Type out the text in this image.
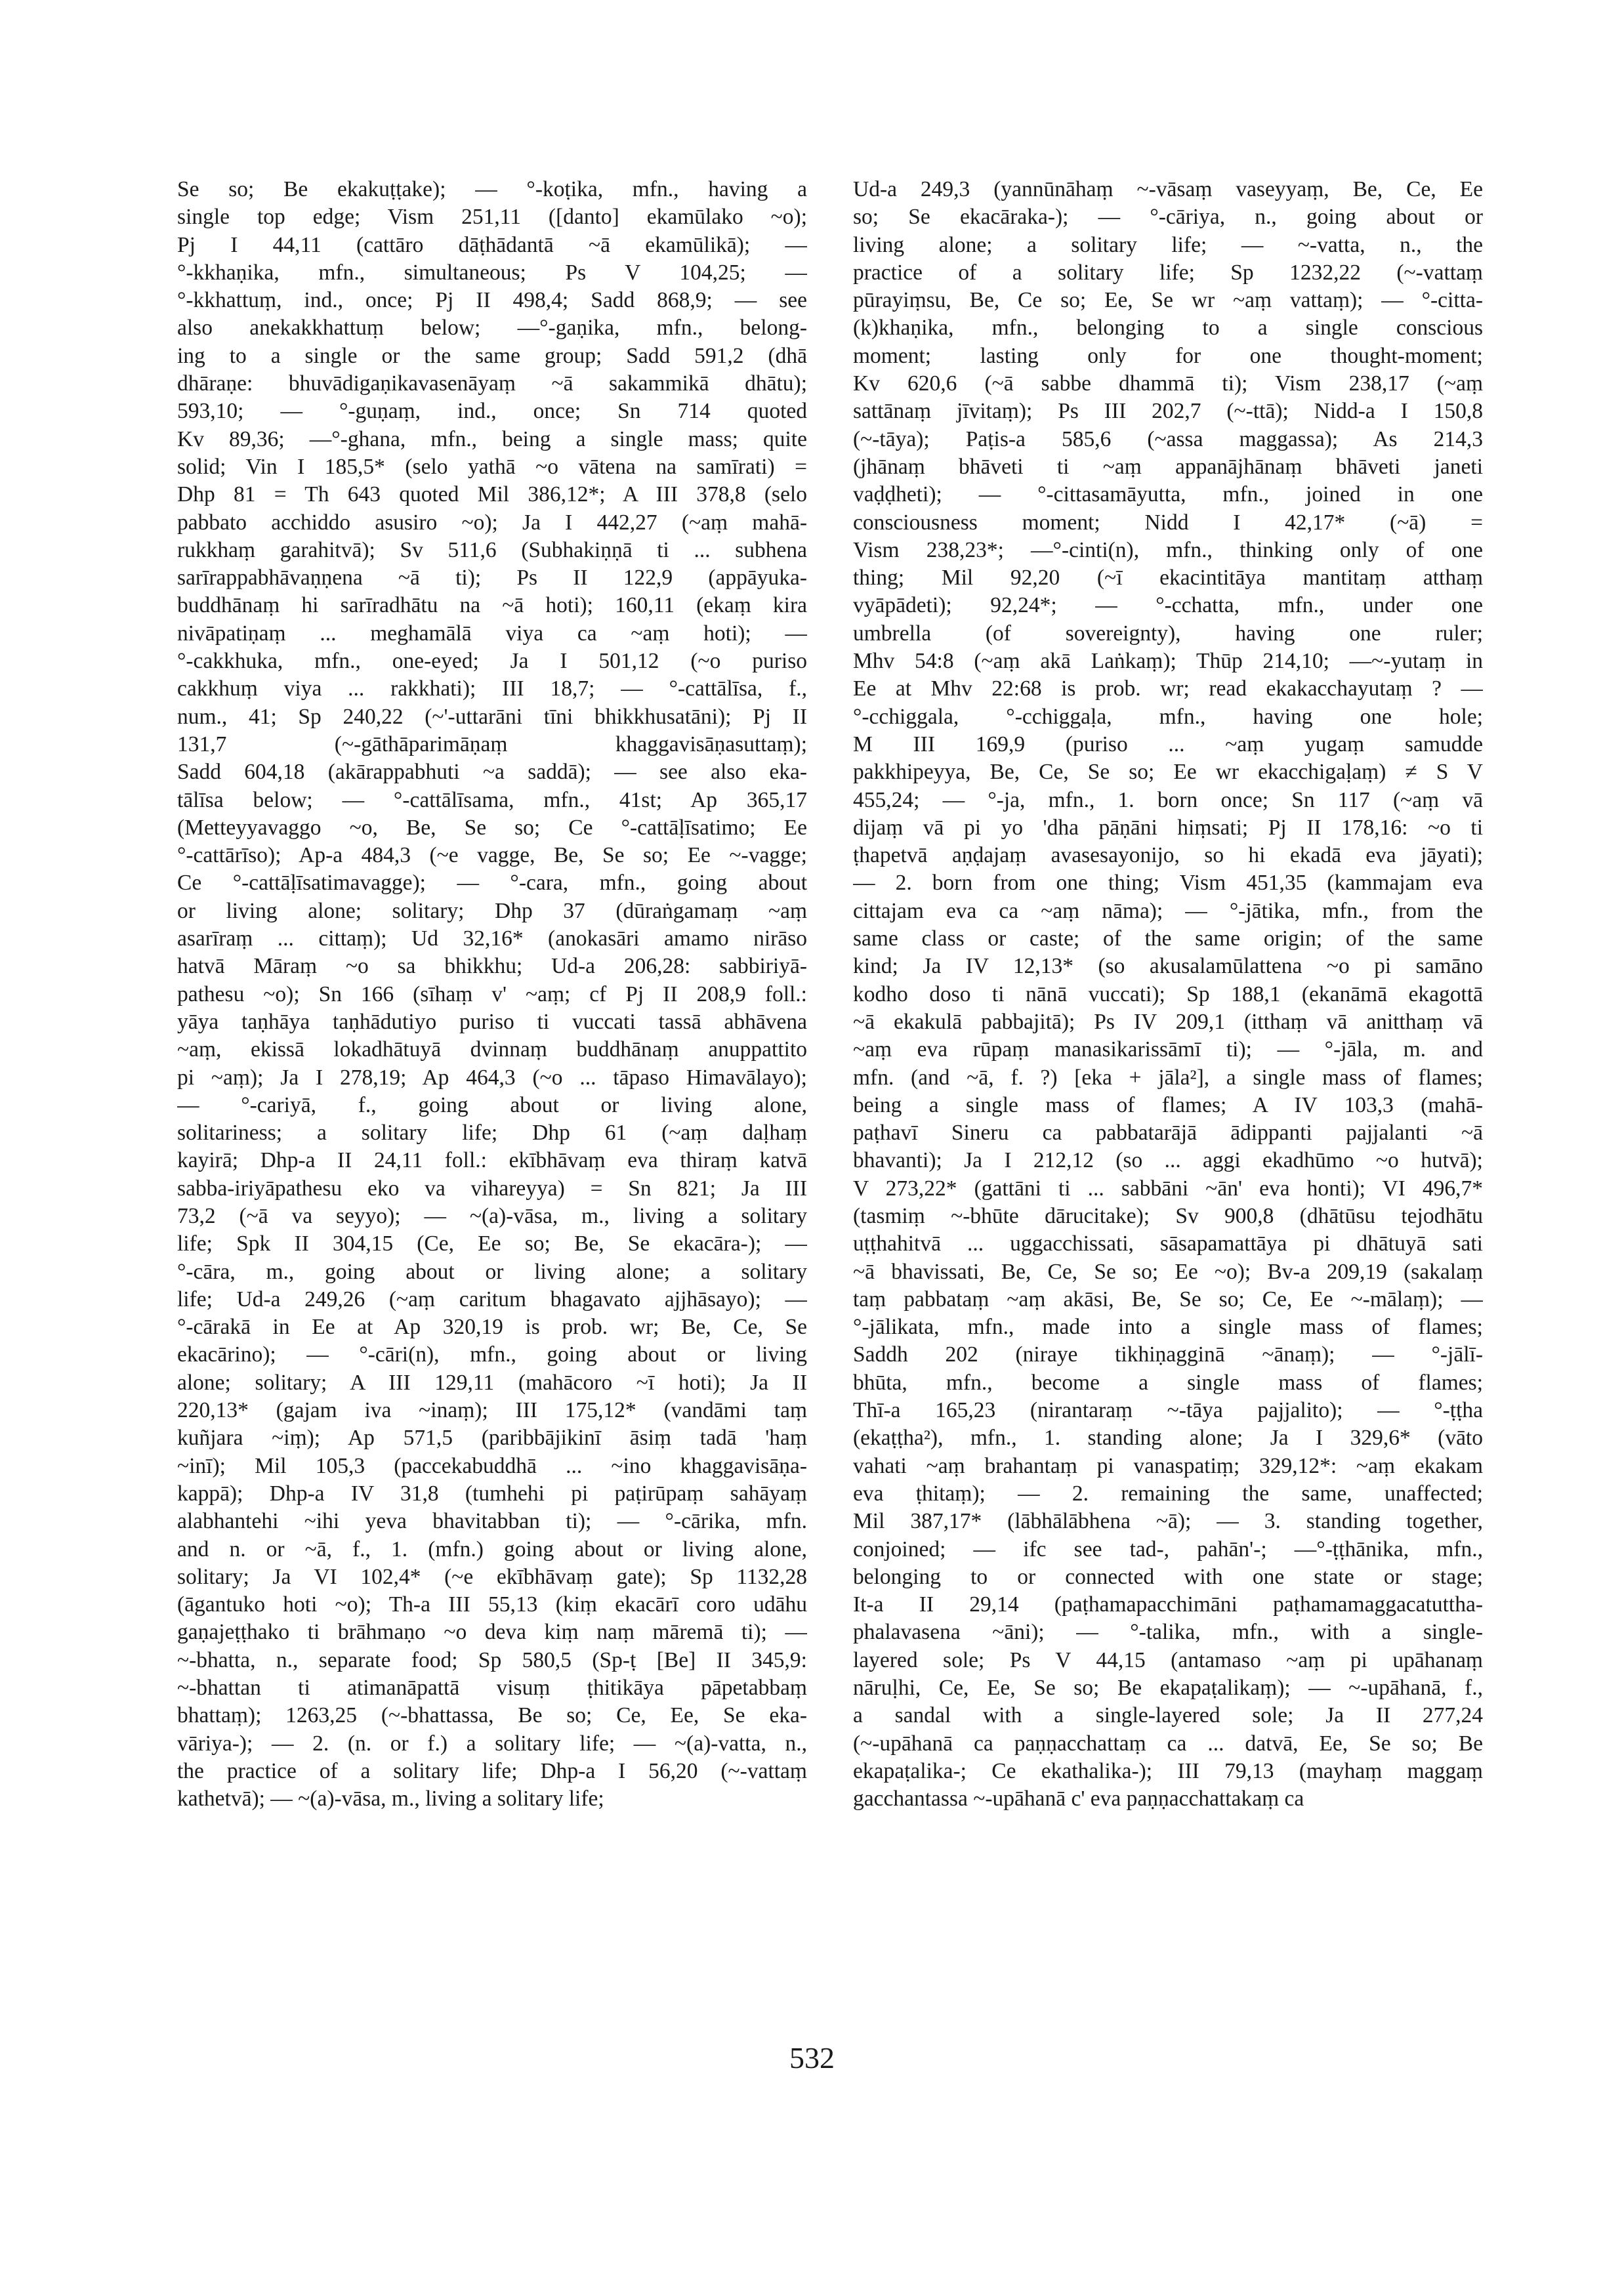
Se so; Be ekakuṭṭake); — °-koṭika, mfn., having a
single top edge; Vism 251,11 ([danto] ekamūlako ~o);
Pj I 44,11 (cattāro dāṭhādantā ~ā ekamūlikā); —
°-kkhaṇika, mfn., simultaneous; Ps V 104,25; —
°-kkhattuṃ, ind., once; Pj II 498,4; Sadd 868,9; — see
also anekakkhattuṃ below; —°-gaṇika, mfn., belong-
ing to a single or the same group; Sadd 591,2 (dhā
dhāraṇe: bhuvādigaṇikavasenāyaṃ ~ā sakammikā dhātu);
593,10; — °-guṇaṃ, ind., once; Sn 714 quoted
Kv 89,36; —°-ghana, mfn., being a single mass; quite
solid; Vin I 185,5* (selo yathā ~o vātena na samīrati) =
Dhp 81 = Th 643 quoted Mil 386,12*; A III 378,8 (selo
pabbato acchiddo asusiro ~o); Ja I 442,27 (~aṃ mahā-
rukkhaṃ garahitvā); Sv 511,6 (Subhakiṇṇā ti ... subhena
sarīrappabhāvaṇṇena ~ā ti); Ps II 122,9 (appāyuka-
buddhānaṃ hi sarīradhātu na ~ā hoti); 160,11 (ekaṃ kira
nivāpatiṇaṃ ... meghamālā viya ca ~aṃ hoti); —
°-cakkhuka, mfn., one-eyed; Ja I 501,12 (~o puriso
cakkhuṃ viya ... rakkhati); III 18,7; — °-cattālīsa, f.,
num., 41; Sp 240,22 (~'-uttarāni tīni bhikkhusatāni); Pj II
131,7 (~-gāthāparimāṇaṃ khaggavisāṇasuttaṃ);
Sadd 604,18 (akārappabhuti ~a saddā); — see also eka-
tālīsa below; — °-cattālīsama, mfn., 41st; Ap 365,17
(Metteyyavaggo ~o, Be, Se so; Ce °-cattāḷīsatimo; Ee
°-cattārīso); Ap-a 484,3 (~e vagge, Be, Se so; Ee ~-vagge;
Ce °-cattāḷīsatimavagge); — °-cara, mfn., going about
or living alone; solitary; Dhp 37 (dūraṅgamaṃ ~aṃ
asarīraṃ ... cittaṃ); Ud 32,16* (anokasāri amamo nirāso
hatvā Māraṃ ~o sa bhikkhu; Ud-a 206,28: sabbiriyā-
pathesu ~o); Sn 166 (sīhaṃ v' ~aṃ; cf Pj II 208,9 foll.:
yāya taṇhāya taṇhādutiyo puriso ti vuccati tassā abhāvena
~aṃ, ekissā lokadhātuyā dvinnaṃ buddhānaṃ anuppattito
pi ~aṃ); Ja I 278,19; Ap 464,3 (~o ... tāpaso Himavālayo);
— °-cariyā, f., going about or living alone,
solitariness; a solitary life; Dhp 61 (~aṃ daḷhaṃ
kayirā; Dhp-a II 24,11 foll.: ekībhāvaṃ eva thiraṃ katvā
sabba-iriyāpathesu eko va vihareyya) = Sn 821; Ja III
73,2 (~ā va seyyo); — ~(a)-vāsa, m., living a solitary
life; Spk II 304,15 (Ce, Ee so; Be, Se ekacāra-); —
°-cāra, m., going about or living alone; a solitary
life; Ud-a 249,26 (~aṃ caritum bhagavato ajjhāsayo); —
°-cārakā in Ee at Ap 320,19 is prob. wr; Be, Ce, Se
ekacārino); — °-cāri(n), mfn., going about or living
alone; solitary; A III 129,11 (mahācoro ~ī hoti); Ja II
220,13* (gajam iva ~inaṃ); III 175,12* (vandāmi taṃ
kuñjara ~iṃ); Ap 571,5 (paribbājikinī āsiṃ tadā 'haṃ
~inī); Mil 105,3 (paccekabuddhā ... ~ino khaggavisāṇa-
kappā); Dhp-a IV 31,8 (tumhehi pi paṭirūpaṃ sahāyaṃ
alabhantehi ~ihi yeva bhavitabban ti); — °-cārika, mfn.
and n. or ~ā, f., 1. (mfn.) going about or living alone,
solitary; Ja VI 102,4* (~e ekībhāvaṃ gate); Sp 1132,28
(āgantuko hoti ~o); Th-a III 55,13 (kiṃ ekacārī coro udāhu
gaṇajeṭṭhako ti brāhmaṇo ~o deva kiṃ naṃ māremā ti); —
~-bhatta, n., separate food; Sp 580,5 (Sp-ṭ [Be] II 345,9:
~-bhattan ti atimanāpattā visuṃ ṭhitikāya pāpetabbaṃ
bhattaṃ); 1263,25 (~-bhattassa, Be so; Ce, Ee, Se eka-
vāriya-); — 2. (n. or f.) a solitary life; — ~(a)-vatta, n.,
the practice of a solitary life; Dhp-a I 56,20 (~-vattaṃ
kathetvā); — ~(a)-vāsa, m., living a solitary life;
Ud-a 249,3 (yannūnāhaṃ ~-vāsaṃ vaseyyaṃ, Be, Ce, Ee
so; Se ekacāraka-); — °-cāriya, n., going about or
living alone; a solitary life; — ~-vatta, n., the
practice of a solitary life; Sp 1232,22 (~-vattaṃ
pūrayiṃsu, Be, Ce so; Ee, Se wr ~aṃ vattaṃ); — °-citta-
(k)khaṇika, mfn., belonging to a single conscious
moment; lasting only for one thought-moment;
Kv 620,6 (~ā sabbe dhammā ti); Vism 238,17 (~aṃ
sattānaṃ jīvitaṃ); Ps III 202,7 (~-ttā); Nidd-a I 150,8
(~-tāya); Paṭis-a 585,6 (~assa maggassa); As 214,3
(jhānaṃ bhāveti ti ~aṃ appanājhānaṃ bhāveti janeti
vaḍḍheti); — °-cittasamāyutta, mfn., joined in one
consciousness moment; Nidd I 42,17* (~ā) =
Vism 238,23*; —°-cinti(n), mfn., thinking only of one
thing; Mil 92,20 (~ī ekacintitāya mantitaṃ atthaṃ
vyāpādeti); 92,24*; — °-cchatta, mfn., under one
umbrella (of sovereignty), having one ruler;
Mhv 54:8 (~aṃ akā Laṅkaṃ); Thūp 214,10; —~-yutaṃ in
Ee at Mhv 22:68 is prob. wr; read ekakacchayutaṃ ? —
°-cchiggala, °-cchiggaḷa, mfn., having one hole;
M III 169,9 (puriso ... ~aṃ yugaṃ samudde
pakkhipeyya, Be, Ce, Se so; Ee wr ekacchigaḷaṃ) ≠ S V
455,24; — °-ja, mfn., 1. born once; Sn 117 (~aṃ vā
dijaṃ vā pi yo 'dha pāṇāni hiṃsati; Pj II 178,16: ~o ti
ṭhapetvā aṇḍajaṃ avasesayonijo, so hi ekadā eva jāyati);
— 2. born from one thing; Vism 451,35 (kammajam eva
cittajam eva ca ~aṃ nāma); — °-jātika, mfn., from the
same class or caste; of the same origin; of the same
kind; Ja IV 12,13* (so akusalamūlattena ~o pi samāno
kodho doso ti nānā vuccati); Sp 188,1 (ekanāmā ekagottā
~ā ekakulā pabbajitā); Ps IV 209,1 (itthaṃ vā anitthaṃ vā
~aṃ eva rūpaṃ manasikarissāmī ti); — °-jāla, m. and
mfn. (and ~ā, f. ?) [eka + jāla²], a single mass of flames;
being a single mass of flames; A IV 103,3 (mahā-
paṭhavī Sineru ca pabbatarājā ādippanti pajjalanti ~ā
bhavanti); Ja I 212,12 (so ... aggi ekadhūmo ~o hutvā);
V 273,22* (gattāni ti ... sabbāni ~ān' eva honti); VI 496,7*
(tasmiṃ ~-bhūte dārucitake); Sv 900,8 (dhātūsu tejodhātu
uṭṭhahitvā ... uggacchissati, sāsapamattāya pi dhātuyā sati
~ā bhavissati, Be, Ce, Se so; Ee ~o); Bv-a 209,19 (sakalaṃ
taṃ pabbataṃ ~aṃ akāsi, Be, Se so; Ce, Ee ~-mālaṃ); —
°-jālikata, mfn., made into a single mass of flames;
Saddh 202 (niraye tikhiṇagginā ~ānaṃ); — °-jālī-
bhūta, mfn., become a single mass of flames;
Thī-a 165,23 (nirantaraṃ ~-tāya pajjalito); — °-ṭṭha
(ekaṭṭha²), mfn., 1. standing alone; Ja I 329,6* (vāto
vahati ~aṃ brahantaṃ pi vanaspatiṃ; 329,12*: ~aṃ ekakam
eva ṭhitaṃ); — 2. remaining the same, unaffected;
Mil 387,17* (lābhālābhena ~ā); — 3. standing together,
conjoined; — ifc see tad-, pahān'-; —°-ṭṭhānika, mfn.,
belonging to or connected with one state or stage;
It-a II 29,14 (paṭhamapacchimāni paṭhamamaggacatuttha-
phalavasena ~āni); — °-talika, mfn., with a single-
layered sole; Ps V 44,15 (antamaso ~aṃ pi upāhanaṃ
nāruḷhi, Ce, Ee, Se so; Be ekapaṭalikaṃ); — ~-upāhanā, f.,
a sandal with a single-layered sole; Ja II 277,24
(~-upāhanā ca paṇṇacchattaṃ ca ... datvā, Ee, Se so; Be
ekapaṭalika-; Ce ekathalika-); III 79,13 (mayhaṃ maggaṃ
gacchantassa ~-upāhanā c' eva paṇṇacchattakaṃ ca
532
